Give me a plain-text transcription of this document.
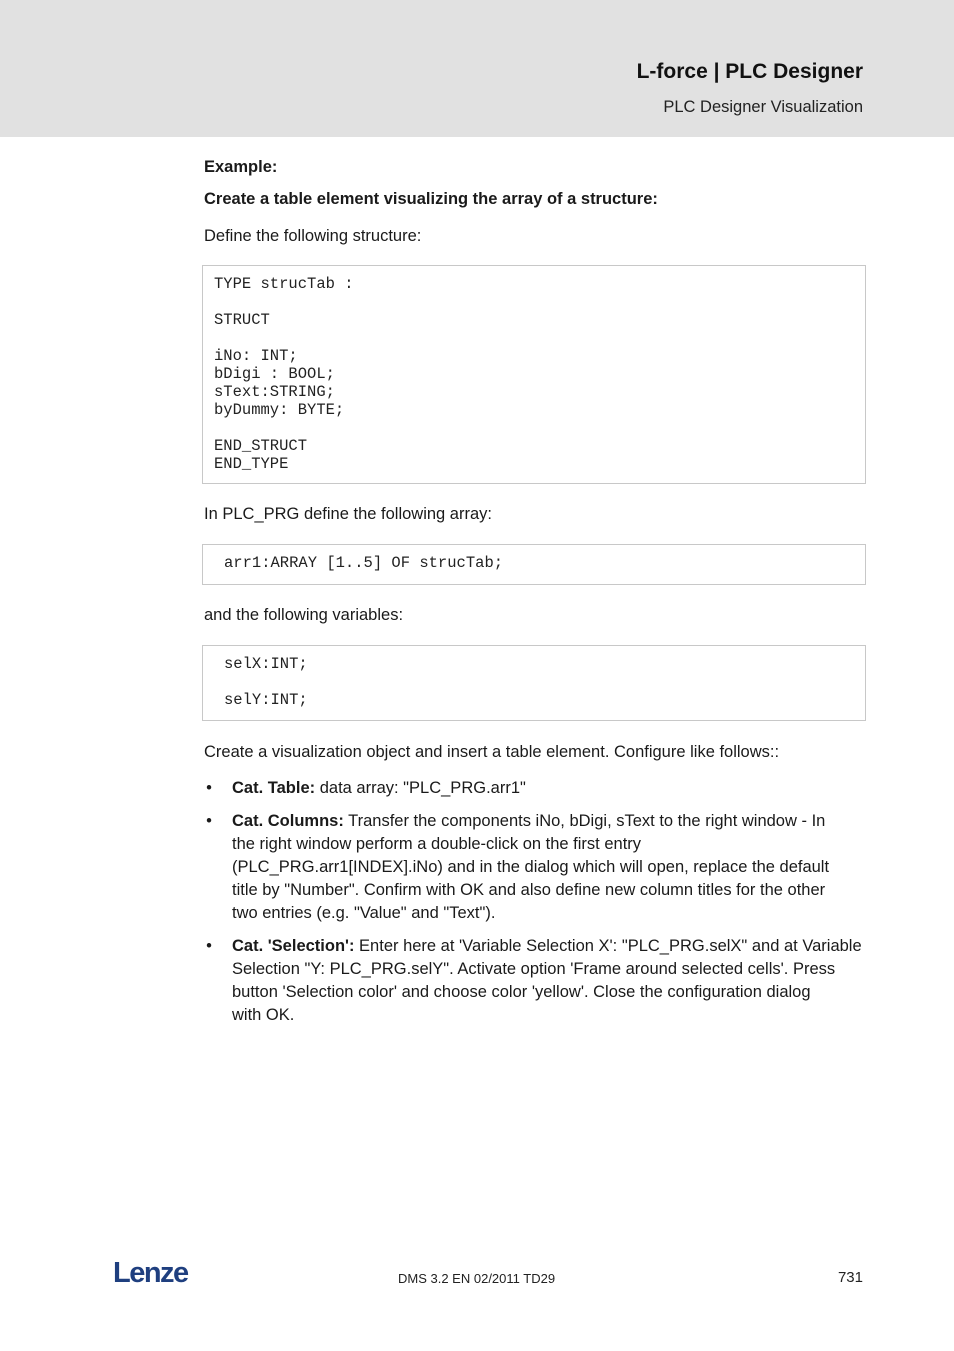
L-force | PLC Designer
PLC Designer Visualization
Example:
Create a table element visualizing the array of a structure:
Define the following structure:
TYPE strucTab :

STRUCT

iNo: INT;
bDigi : BOOL;
sText:STRING;
byDummy: BYTE;

END_STRUCT
END_TYPE
In PLC_PRG define the following array:
arr1:ARRAY [1..5] OF strucTab;
and the following variables:
selX:INT;

selY:INT;
Create a visualization object and insert a table element. Configure like follows::
• Cat. Table: data array: "PLC_PRG.arr1"
• Cat. Columns: Transfer the components iNo, bDigi, sText to the right window - In
the right window perform a double-click on the first entry
(PLC_PRG.arr1[INDEX].iNo) and in the dialog which will open, replace the default
title by "Number". Confirm with OK and also define new column titles for the other
two entries (e.g. "Value" and "Text").
• Cat. 'Selection': Enter here at 'Variable Selection X': "PLC_PRG.selX" and at Variable
Selection "Y: PLC_PRG.selY". Activate option 'Frame around selected cells'. Press
button 'Selection color' and choose color 'yellow'. Close the configuration dialog
with OK.
Lenze	DMS 3.2 EN 02/2011 TD29	731
